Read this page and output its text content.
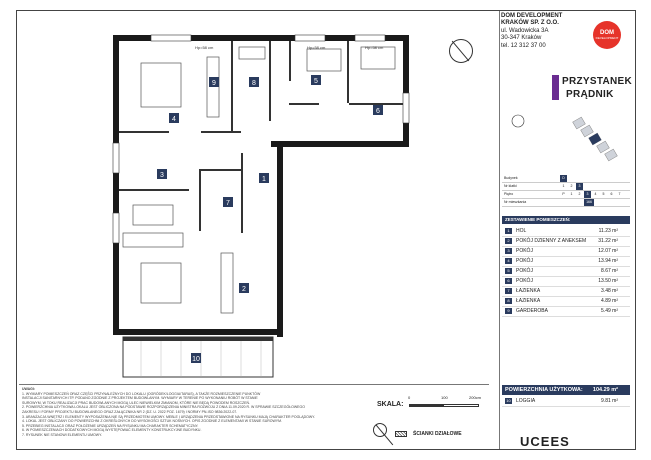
1
2
3
4
5
6
7
8
9
10
Hp=58 cm	Hp=58 cm	Hp=58 cm

UWAGI:

1. WYMIARY POMIESZCZEŃ ORAZ CZĘŚCI PRZYNALEŻNYCH DO LOKALU (OGRÓDEK/LOGGIA/TARAS), A TAKŻE ROZMIESZCZENIE PUNKTÓW

INSTALACJI SANITARNYCH ITP. PODANO ZGODNIE Z PROJEKTEM BUDOWLANYM. WYMIARY W TERENIE PO WYKONANIU ROBÓT W STANIE

SUROWYM, W TOKU REALIZACJI PRAC BUDOWLANYCH MOGĄ ULEC NIEWIELKIM ZMIANOM, KTÓRE NIE BĘDĄ POWODEM ROSZCZEŃ.

2. POWIERZCHNIA UŻYTKOWA LOKALU JEST OBLICZONA NA PODSTAWIE ROZPORZĄDZENIA MINISTRA ROZWOJU Z DNIA 11.09.2020 R. W SPRAWIE SZCZEGÓŁOWEGO

ZAKRESU I FORMY PROJEKTU BUDOWLANEGO ORAZ ZAŁĄCZNIKA NR 2 (DZ. U. 2022 POZ. 1679) I NORMY PN-ISO 9836:2022-07.

3. ARANŻACJA WNĘTRZ I ELEMENTY WYPOSAŻENIA NIE SĄ PRZEDMIOTEM UMOWY. MEBLE I URZĄDZENIA PRZEDSTAWIONE NA RYSUNKU MAJĄ CHARAKTER POGLĄDOWY.

4. LOKAL JEST OBLICZANY DO POWIERZCHNI Z OKREŚLONYCH DO WYSOKOŚCI SZTUK NOŚNYCH. OPIS ZGODNIE Z ELEMENTAMI W STANIE SUROWYM.

5. PRZEBIEG INSTALACJI ORAZ POŁOŻENIE URZĄDZEŃ NA RYSUNKU MA CHARAKTER SCHEMATYCZNY.

6. W POMIESZCZENIACH DODATKOWYCH MOGĄ WYSTĘPOWAĆ ELEMENTY KONSTRUKCYJNE BUDYNKU.

7. RYSUNEK NIE STANOWI ELEMENTU UMOWY.

SKALA:
0	100	200cm
ŚCIANKI DZIAŁOWE
DOM DEVELOPMENT
KRAKÓW SP. Z O.O.
ul. Wadowicka 3A
30-347 Kraków
tel. 12 312 37 00
DOM
DEVELOPMENT
PRZYSTANEK
PRĄDNIK
Budynek	D
Nr klatki	1	2	3
Piętro	P	1	2	3	4	5	6	7
Nr mieszkania	166
ZESTAWIENIE POMIESZCZEŃ:
1	HOL	11.23 m²
2	POKÓJ DZIENNY Z ANEKSEM 31.22 m²
3	POKÓJ	12.07 m²
4	POKÓJ	13.94 m²
5	POKÓJ	8.67 m²
6	POKÓJ	13.50 m²
7	ŁAZIENKA	3.48 m²
8	ŁAZIENKA	4.89 m²
9	GARDEROBA	5.49 m²
POWIERZCHNIA UŻYTKOWA: 104.29 m²
10 LOGGIA	9.81 m²
UCEES
